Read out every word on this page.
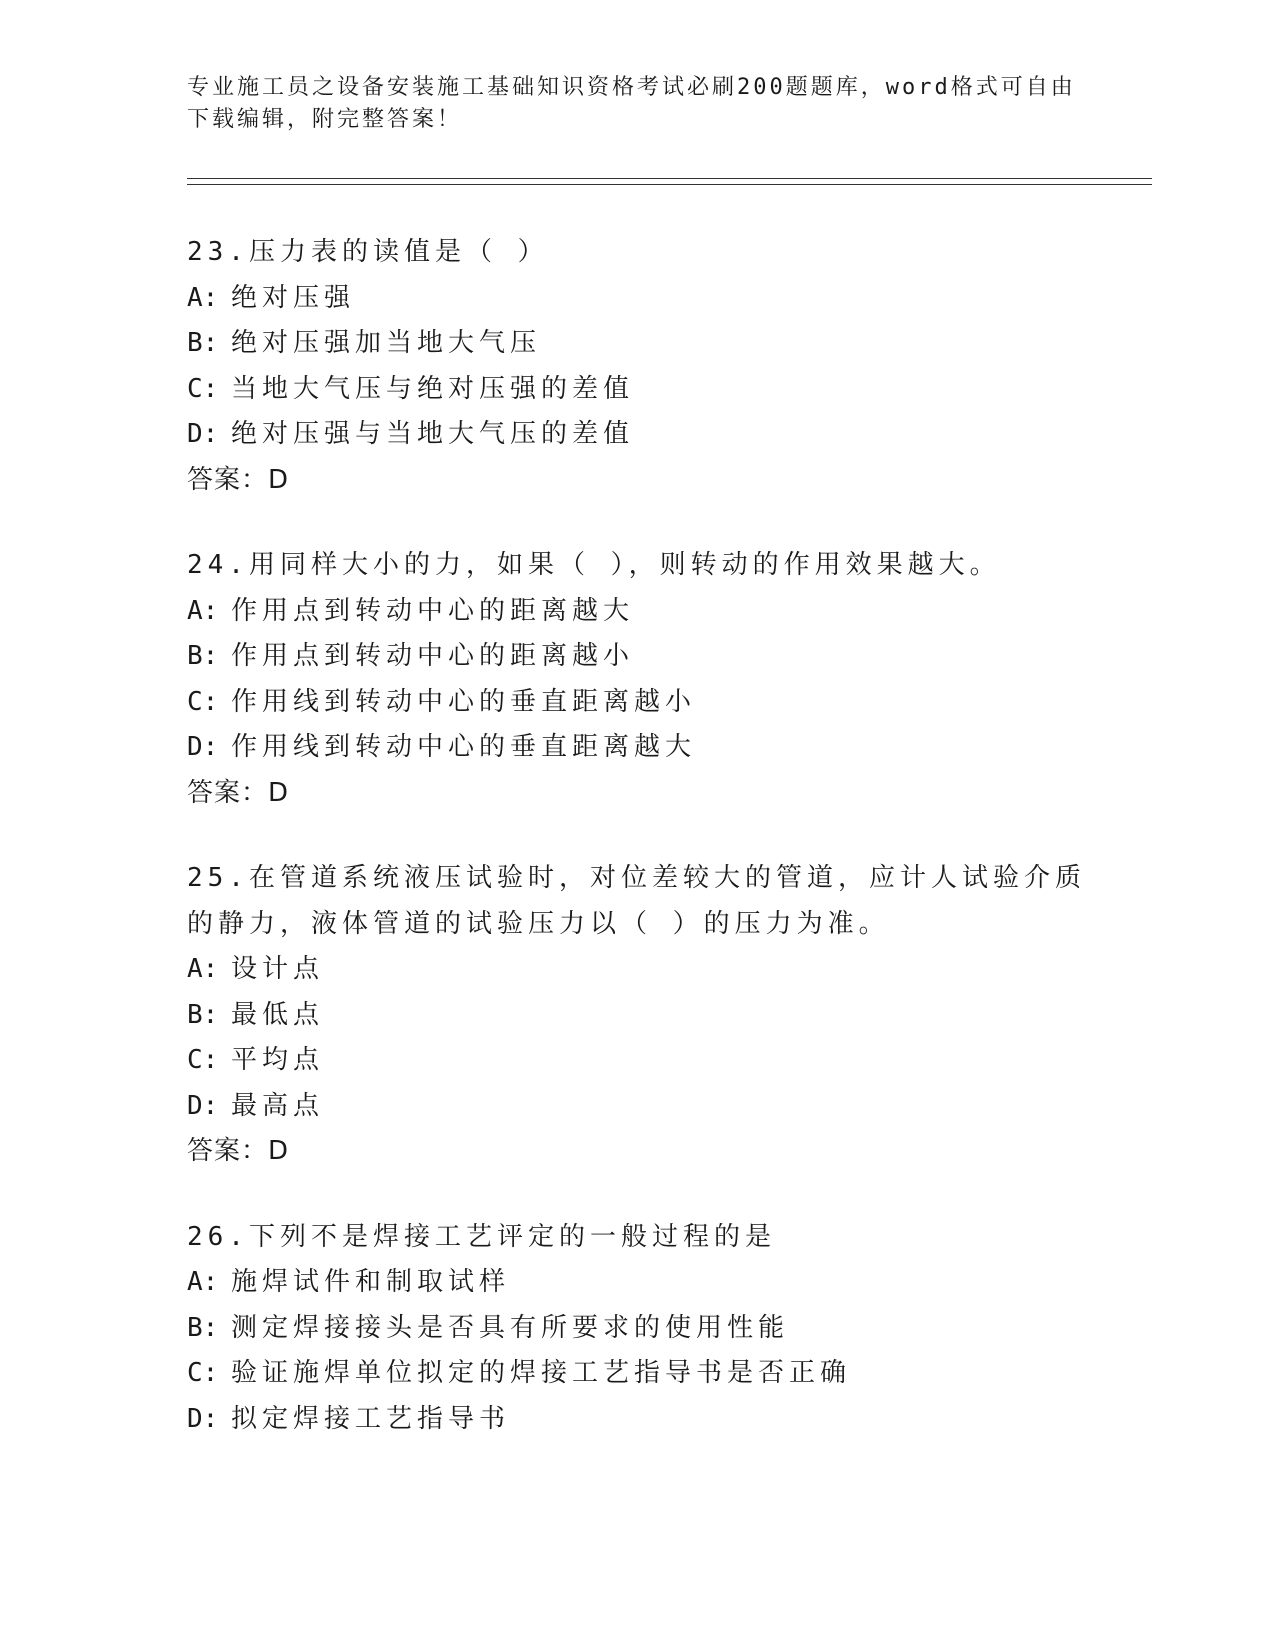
专业施工员之设备安装施工基础知识资格考试必刷200题题库，word格式可自由下载编辑，附完整答案！
23.压力表的读值是（ ）
A: 绝对压强
B: 绝对压强加当地大气压
C: 当地大气压与绝对压强的差值
D: 绝对压强与当地大气压的差值
答案：D
24.用同样大小的力，如果（ ），则转动的作用效果越大。
A: 作用点到转动中心的距离越大
B: 作用点到转动中心的距离越小
C: 作用线到转动中心的垂直距离越小
D: 作用线到转动中心的垂直距离越大
答案：D
25.在管道系统液压试验时，对位差较大的管道，应计人试验介质的静力，液体管道的试验压力以（ ）的压力为准。
A: 设计点
B: 最低点
C: 平均点
D: 最高点
答案：D
26.下列不是焊接工艺评定的一般过程的是
A: 施焊试件和制取试样
B: 测定焊接接头是否具有所要求的使用性能
C: 验证施焊单位拟定的焊接工艺指导书是否正确
D: 拟定焊接工艺指导书
